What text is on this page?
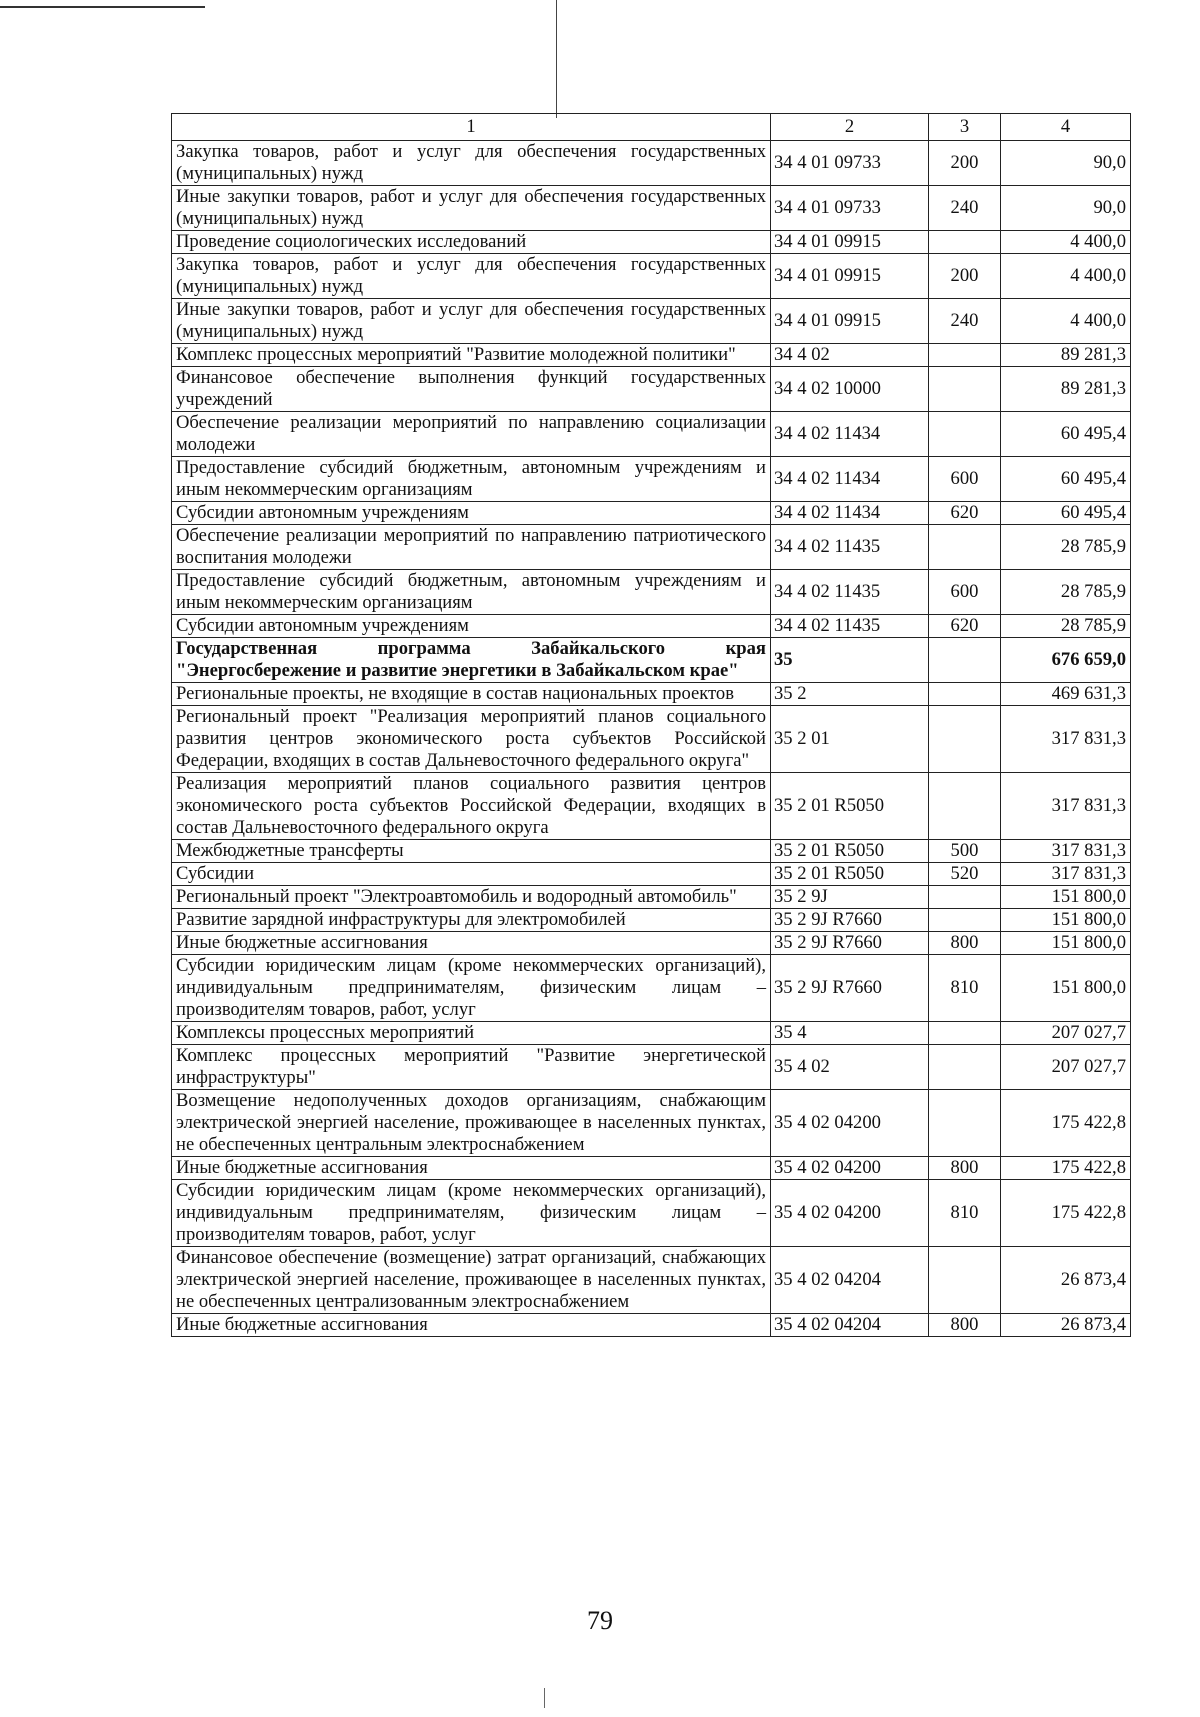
1	2	3	4
Закупка товаров, работ и услуг для обеспечения государственных (муниципальных) нужд	34 4 01 09733	200	90,0
Иные закупки товаров, работ и услуг для обеспечения государственных (муниципальных) нужд	34 4 01 09733	240	90,0
Проведение социологических исследований	34 4 01 09915		4 400,0
Закупка товаров, работ и услуг для обеспечения государственных (муниципальных) нужд	34 4 01 09915	200	4 400,0
Иные закупки товаров, работ и услуг для обеспечения государственных (муниципальных) нужд	34 4 01 09915	240	4 400,0
Комплекс процессных мероприятий "Развитие молодежной политики"	34 4 02		89 281,3
Финансовое обеспечение выполнения функций государственных учреждений	34 4 02 10000		89 281,3
Обеспечение реализации мероприятий по направлению социализации молодежи	34 4 02 11434		60 495,4
Предоставление субсидий бюджетным, автономным учреждениям и иным некоммерческим организациям	34 4 02 11434	600	60 495,4
Субсидии автономным учреждениям	34 4 02 11434	620	60 495,4
Обеспечение реализации мероприятий по направлению патриотического воспитания молодежи	34 4 02 11435		28 785,9
Предоставление субсидий бюджетным, автономным учреждениям и иным некоммерческим организациям	34 4 02 11435	600	28 785,9
Субсидии автономным учреждениям	34 4 02 11435	620	28 785,9
Государственная программа Забайкальского края "Энергосбережение и развитие энергетики в Забайкальском крае"	35		676 659,0
Региональные проекты, не входящие в состав национальных проектов	35 2		469 631,3
Региональный проект "Реализация мероприятий планов социального развития центров экономического роста субъектов Российской Федерации, входящих в состав Дальневосточного федерального округа"	35 2 01		317 831,3
Реализация мероприятий планов социального развития центров экономического роста субъектов Российской Федерации, входящих в состав Дальневосточного федерального округа	35 2 01 R5050		317 831,3
Межбюджетные трансферты	35 2 01 R5050	500	317 831,3
Субсидии	35 2 01 R5050	520	317 831,3
Региональный проект "Электроавтомобиль и водородный автомобиль"	35 2 9J		151 800,0
Развитие зарядной инфраструктуры для электромобилей	35 2 9J R7660		151 800,0
Иные бюджетные ассигнования	35 2 9J R7660	800	151 800,0
Субсидии юридическим лицам (кроме некоммерческих организаций), индивидуальным предпринимателям, физическим лицам – производителям товаров, работ, услуг	35 2 9J R7660	810	151 800,0
Комплексы процессных мероприятий	35 4		207 027,7
Комплекс процессных мероприятий "Развитие энергетической инфраструктуры"	35 4 02		207 027,7
Возмещение недополученных доходов организациям, снабжающим электрической энергией население, проживающее в населенных пунктах, не обеспеченных центральным электроснабжением	35 4 02 04200		175 422,8
Иные бюджетные ассигнования	35 4 02 04200	800	175 422,8
Субсидии юридическим лицам (кроме некоммерческих организаций), индивидуальным предпринимателям, физическим лицам – производителям товаров, работ, услуг	35 4 02 04200	810	175 422,8
Финансовое обеспечение (возмещение) затрат организаций, снабжающих электрической энергией население, проживающее в населенных пунктах, не обеспеченных централизованным электроснабжением	35 4 02 04204		26 873,4
Иные бюджетные ассигнования	35 4 02 04204	800	26 873,4
79
